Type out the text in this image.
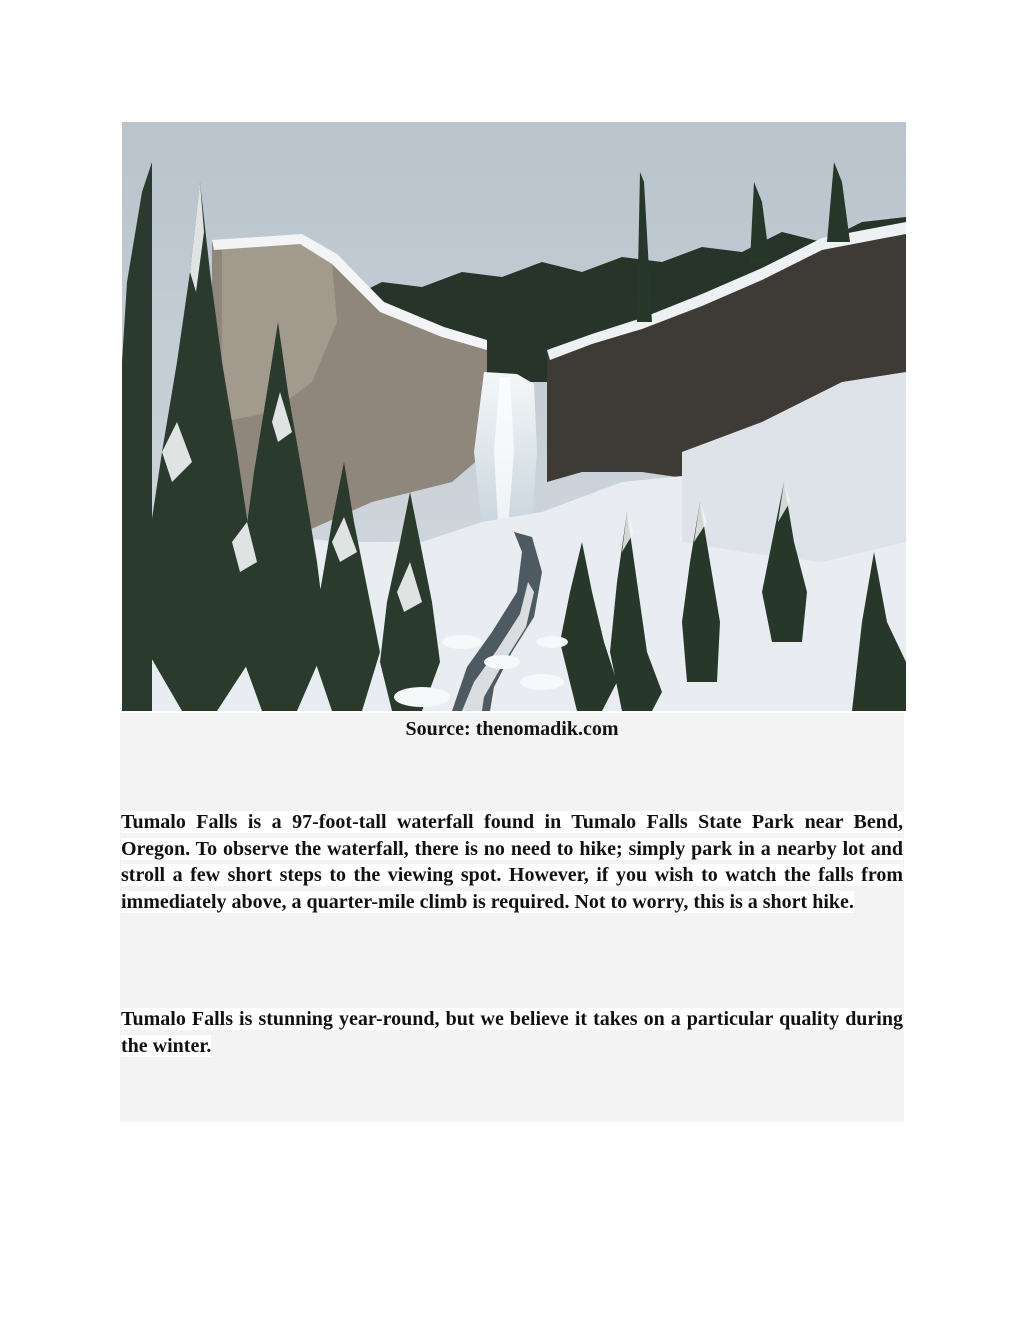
Source: thenomadik.com

Tumalo Falls is a 97-foot-tall waterfall found in Tumalo Falls State Park near Bend, Oregon. To observe the waterfall, there is no need to hike; simply park in a nearby lot and stroll a few short steps to the viewing spot. However, if you wish to watch the falls from immediately above, a quarter-mile climb is required. Not to worry, this is a short hike.

Tumalo Falls is stunning year-round, but we believe it takes on a particular quality during the winter.
